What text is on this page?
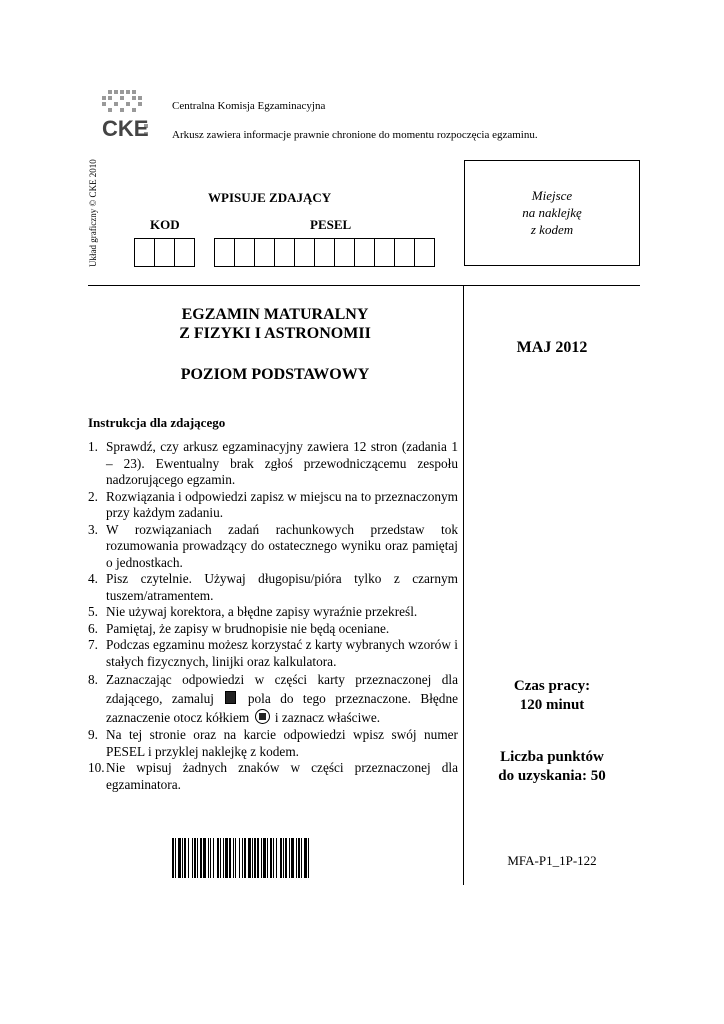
CKE
Centralna Komisja Egzaminacyjna
Arkusz zawiera informacje prawnie chronione do momentu rozpoczęcia egzaminu.
Układ graficzny © CKE 2010	WPISUJE ZDAJĄCY
KOD	PESEL
Miejsce
na naklejkę
z kodem
EGZAMIN MATURALNY
Z FIZYKI I ASTRONOMII
POZIOM PODSTAWOWY
MAJ 2012
Instrukcja dla zdającego
1. Sprawdź, czy arkusz egzaminacyjny zawiera 12 stron (zadania 1 – 23). Ewentualny brak zgłoś przewodniczącemu zespołu nadzorującego egzamin.
2. Rozwiązania i odpowiedzi zapisz w miejscu na to przeznaczonym przy każdym zadaniu.
3. W rozwiązaniach zadań rachunkowych przedstaw tok rozumowania prowadzący do ostatecznego wyniku oraz pamiętaj o jednostkach.
4. Pisz czytelnie. Używaj długopisu/pióra tylko z czarnym tuszem/atramentem.
5. Nie używaj korektora, a błędne zapisy wyraźnie przekreśl.
6. Pamiętaj, że zapisy w brudnopisie nie będą oceniane.
7. Podczas egzaminu możesz korzystać z karty wybranych wzorów i stałych fizycznych, linijki oraz kalkulatora.
8. Zaznaczając odpowiedzi w części karty przeznaczonej dla zdającego, zamaluj	pola do tego przeznaczone. Błędne zaznaczenie otocz kółkiem i zaznacz właściwe.
9. Na tej stronie oraz na karcie odpowiedzi wpisz swój numer PESEL i przyklej naklejkę z kodem.
10. Nie wpisuj żadnych znaków w części przeznaczonej dla egzaminatora.
Czas pracy:
120 minut
Liczba punktów
do uzyskania: 50
MFA-P1_1P-122
